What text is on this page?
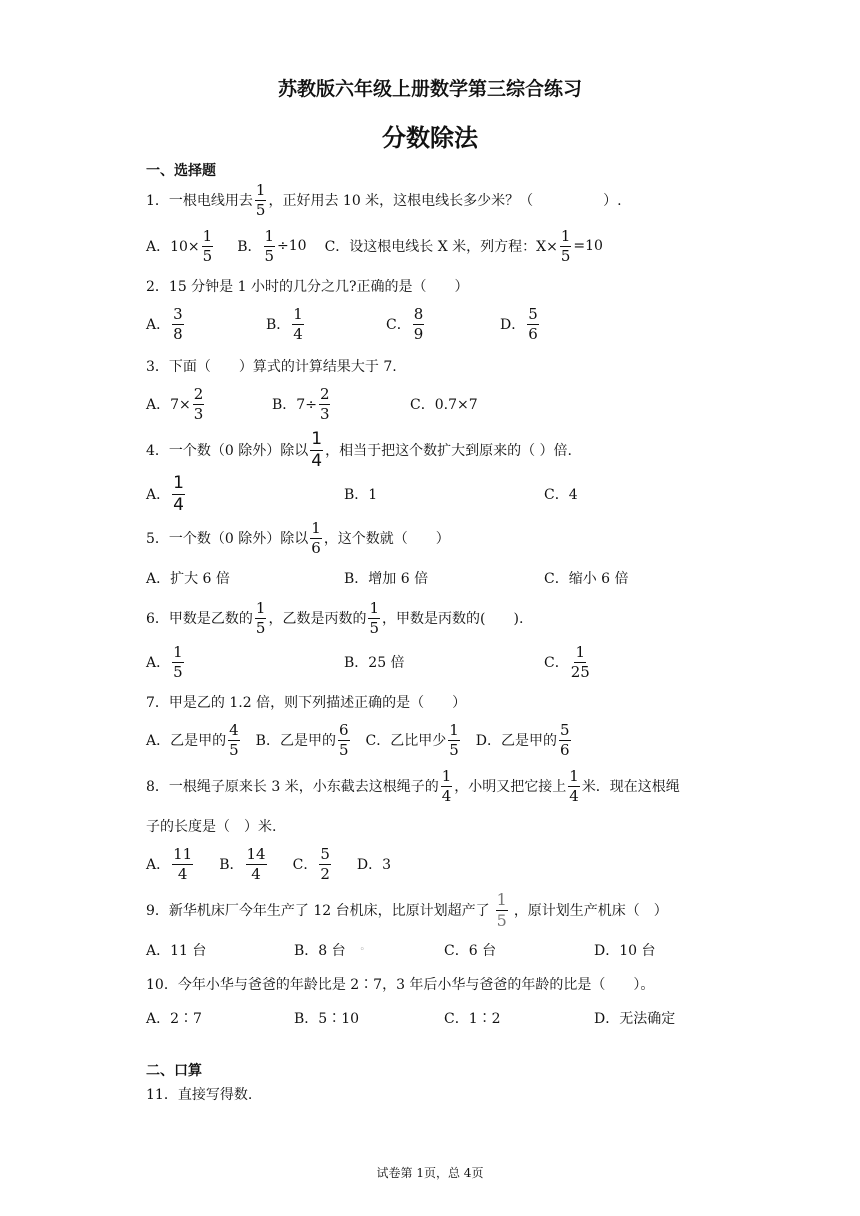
苏教版六年级上册数学第三综合练习
分数除法
一、选择题
1．一根电线用去 $\frac{1}{5}$ ，正好用去 10 米，这根电线长多少米？（　　　　　）.
A．$10\times \frac{1}{5}$ B． $\frac{1}{5} \div 10$ C．设这根电线长 X 米，列方程：$X\times \frac{1}{5} =10$
2．15 分钟是 1 小时的几分之几?正确的是（　　）
A． $\frac{3}{8}$	B． $\frac{1}{4}$	C． $\frac{8}{9}$	D． $\frac{5}{6}$
3．下面（　　）算式的计算结果大于 7.
A．$7\times \frac{2}{3}$	B．$7\div \frac{2}{3}$	C．0.7×7
4．一个数（0 除外）除以 $\frac{1}{4}$ ，相当于把这个数扩大到原来的（ ）倍.
A． $\frac{1}{4}$	B．1	C．4
5．一个数（0 除外）除以 $\frac{1}{6}$ ，这个数就（　　）
A．扩大 6 倍	B．增加 6 倍	C．缩小 6 倍
6．甲数是乙数的 $\frac{1}{5}$ ，乙数是丙数的 $\frac{1}{5}$ ，甲数是丙数的(　　).
A． $\frac{1}{5}$	B．25 倍	C． $\frac{1}{25}$
7．甲是乙的 1.2 倍，则下列描述正确的是（　　）
A．乙是甲的 $\frac{4}{5}$ B．乙是甲的 $\frac{6}{5}$ C．乙比甲少 $\frac{1}{5}$ D．乙是甲的 $\frac{5}{6}$
8．一根绳子原来长 3 米，小东截去这根绳子的 $\frac{1}{4}$ ，小明又把它接上 $\frac{1}{4}$ 米．现在这根绳
子的长度是（　）米.
A． $\frac{11}{4}$ B． $\frac{14}{4}$ C． $\frac{5}{2}$ D．3
9．新华机床厂今年生产了 12 台机床，比原计划超产了 $\frac{1}{5}$ ，原计划生产机床（　）
A．11 台	B．8 台 ◦	C．6 台	D．10 台
10．今年小华与爸爸的年龄比是 2∶7，3 年后小华与爸爸的年龄的比是（　　）。
A．2∶7	B．5∶10	C．1∶2	D．无法确定
二、口算
11．直接写得数.
试卷第 1页，总 4页
